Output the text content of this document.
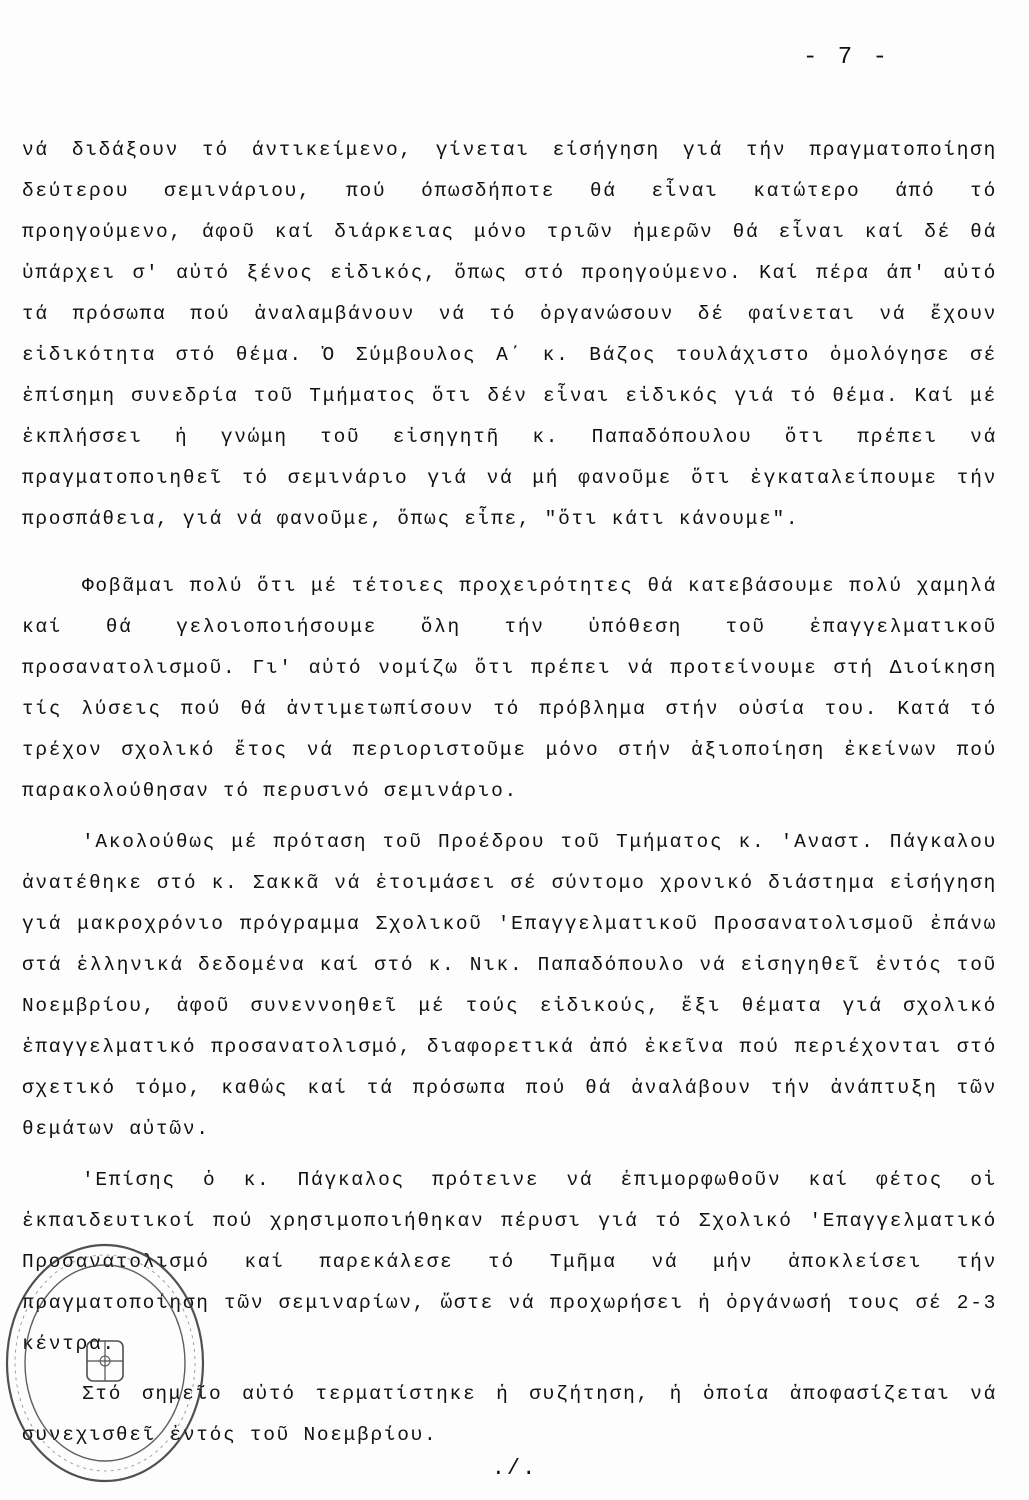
- 7 -

νά διδάξουν τό άντικείμενο, γίνεται είσήγηση γιά τήν πραγματοποίηση δεύτερου σεμινάριου, πού όπωσδήποτε θά εἶναι κατώτερο άπό τό προηγούμενο, άφοῦ καί διάρκειας μόνο τριῶν ἡμερῶν θά εἶναι καί δέ θά ὑπάρχει σ' αὐτό ξένος εἰδικός, ὅπως στό προηγούμενο. Καί πέρα άπ' αὐτό τά πρόσωπα πού ἀναλαμβάνουν νά τό ὀργανώσουν δέ φαίνεται νά ἔχουν εἰδικότητα στό θέμα. Ὁ Σύμβουλος Α΄ κ. Βάζος τουλάχιστο ὁμολόγησε σέ ἐπίσημη συνεδρία τοῦ Τμήματος ὅτι δέν εἶναι εἰδικός γιά τό θέμα. Καί μέ ἐκπλήσσει ἡ γνώμη τοῦ εἰσηγητῆ κ. Παπαδόπουλου ὅτι πρέπει νά πραγματοποιηθεῖ τό σεμινάριο γιά νά μή φανοῦμε ὅτι ἐγκαταλείπουμε τήν προσπάθεια, γιά νά φανοῦμε, ὅπως εἶπε, "ὅτι κάτι κάνουμε".

Φοβᾶμαι πολύ ὅτι μέ τέτοιες προχειρότητες θά κατεβάσουμε πολύ χαμηλά καί θά γελοιοποιήσουμε ὅλη τήν ὑπόθεση τοῦ ἐπαγγελματικοῦ προσανατολισμοῦ. Γι' αὐτό νομίζω ὅτι πρέπει νά προτείνουμε στή Διοίκηση τίς λύσεις πού θά ἀντιμετωπίσουν τό πρόβλημα στήν οὐσία του. Κατά τό τρέχον σχολικό ἔτος νά περιοριστοῦμε μόνο στήν ἀξιοποίηση ἐκείνων πού παρακολούθησαν τό περυσινό σεμινάριο.

'Ακολούθως μέ πρόταση τοῦ Προέδρου τοῦ Τμήματος κ. 'Αναστ. Πάγκαλου ἀνατέθηκε στό κ. Σακκᾶ νά ἑτοιμάσει σέ σύντομο χρονικό διάστημα εἰσήγηση γιά μακροχρόνιο πρόγραμμα Σχολικοῦ 'Επαγγελματικοῦ Προσανατολισμοῦ ἐπάνω στά ἑλληνικά δεδομένα καί στό κ. Νικ. Παπαδόπουλο νά εἰσηγηθεῖ ἐντός τοῦ Νοεμβρίου, ἀφοῦ συνεννοηθεῖ μέ τούς εἰδικούς, ἕξι θέματα γιά σχολικό ἐπαγγελματικό προσανατολισμό, διαφορετικά ἀπό ἐκεῖνα πού περιέχονται στό σχετικό τόμο, καθώς καί τά πρόσωπα πού θά ἀναλάβουν τήν ἀνάπτυξη τῶν θεμάτων αὐτῶν.

'Επίσης ὁ κ. Πάγκαλος πρότεινε νά ἐπιμορφωθοῦν καί φέτος οἱ ἐκπαιδευτικοί πού χρησιμοποιήθηκαν πέρυσι γιά τό Σχολικό 'Επαγγελματικό Προσανατολισμό καί παρεκάλεσε τό Τμῆμα νά μήν ἀποκλείσει τήν πραγματοποίηση τῶν σεμιναρίων, ὥστε νά προχωρήσει ἡ ὀργάνωσή τους σέ 2-3 κέντρα.

Στό σημεῖο αὐτό τερματίστηκε ἡ συζήτηση, ἡ ὁποία ἀποφασίζεται νά συνεχισθεῖ ἐντός τοῦ Νοεμβρίου.

./.
